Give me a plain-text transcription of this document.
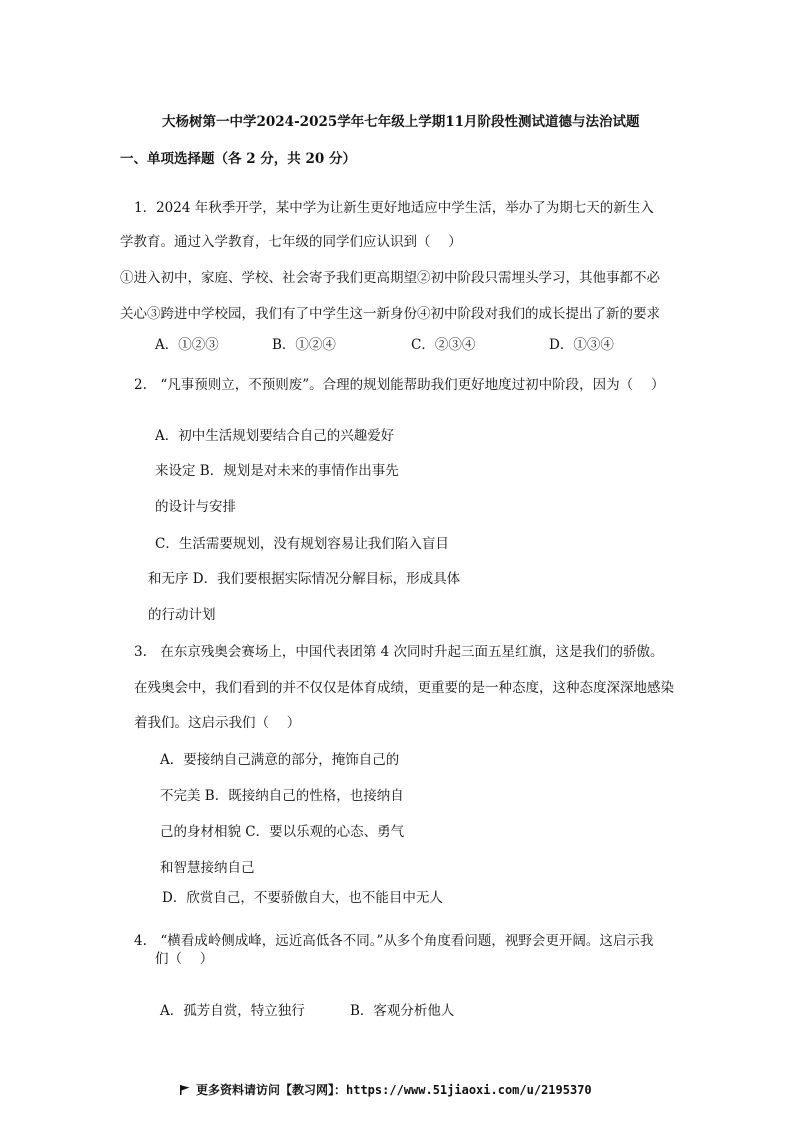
大杨树第一中学2024-2025学年七年级上学期11月阶段性测试道德与法治试题
一、单项选择题（各 2 分，共 20 分）
1．2024 年秋季开学，某中学为让新生更好地适应中学生活，举办了为期七天的新生入
学教育。通过入学教育，七年级的同学们应认识到（　 ）
①进入初中，家庭、学校、社会寄予我们更高期望②初中阶段只需埋头学习，其他事都不必
关心③跨进中学校园，我们有了中学生这一新身份④初中阶段对我们的成长提出了新的要求
A．①②③	B．①②④	C．②③④	D．①③④
2.　“凡事预则立，不预则废”。合理的规划能帮助我们更好地度过初中阶段，因为（　 ）
A．初中生活规划要结合自己的兴趣爱好
来设定 B．规划是对未来的事情作出事先
的设计与安排
C．生活需要规划，没有规划容易让我们陷入盲目
和无序 D．我们要根据实际情况分解目标，形成具体
的行动计划
3.　在东京残奥会赛场上，中国代表团第 4 次同时升起三面五星红旗，这是我们的骄傲。
在残奥会中，我们看到的并不仅仅是体育成绩，更重要的是一种态度，这种态度深深地感染
着我们。这启示我们（　 ）
A．要接纳自己满意的部分，掩饰自己的
不完美 B．既接纳自己的性格，也接纳自
己的身材相貌 C．要以乐观的心态、勇气
和智慧接纳自己
D．欣赏自己，不要骄傲自大，也不能目中无人
4.　“横看成岭侧成峰，远近高低各不同。”从多个角度看问题，视野会更开阔。这启示我
们（　 ）
A．孤芳自赏，特立独行	B．客观分析他人
更多资料请访问【教习网】：https://www.51jiaoxi.com/u/2195370
